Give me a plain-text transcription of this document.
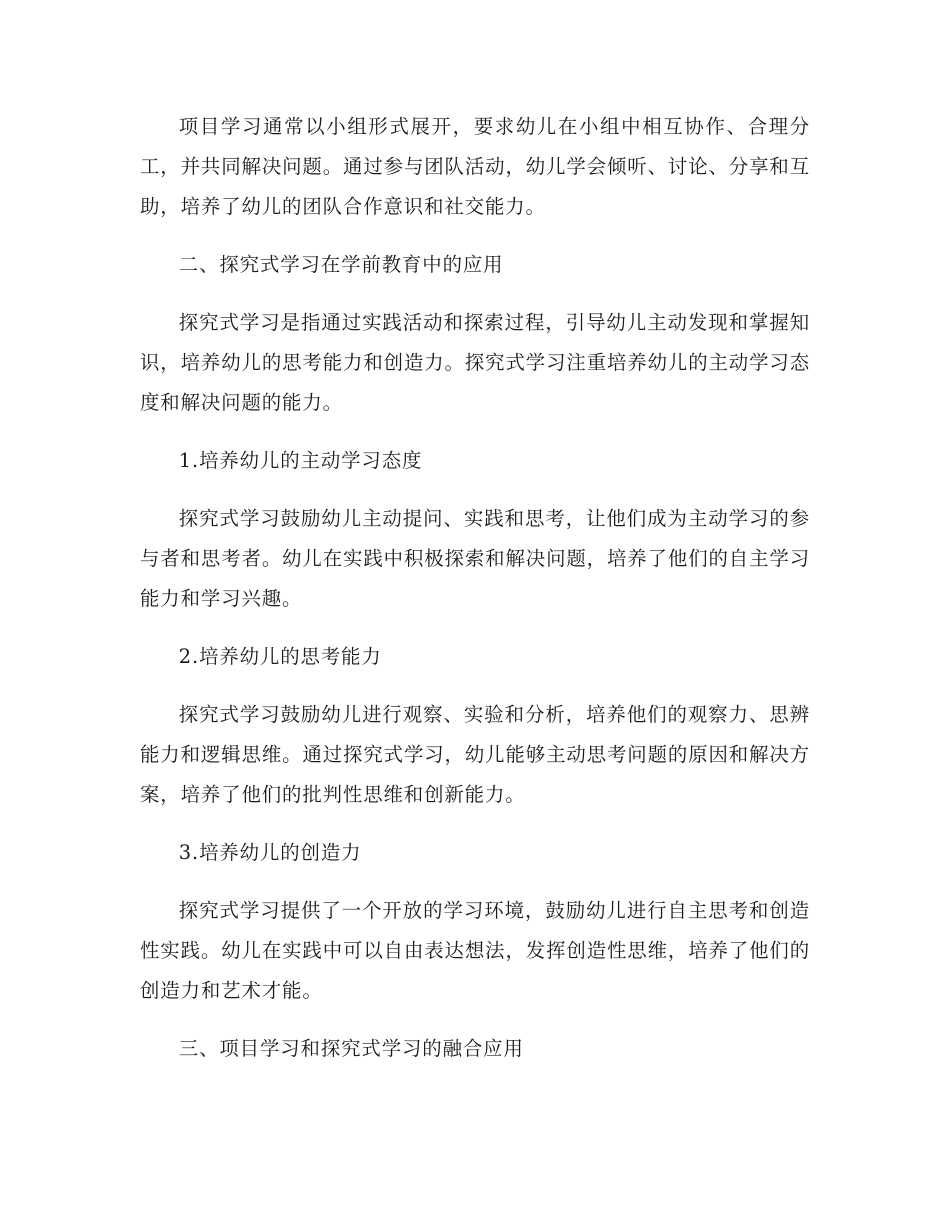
项目学习通常以小组形式展开，要求幼儿在小组中相互协作、合理分工，并共同解决问题。通过参与团队活动，幼儿学会倾听、讨论、分享和互助，培养了幼儿的团队合作意识和社交能力。

二、探究式学习在学前教育中的应用

探究式学习是指通过实践活动和探索过程，引导幼儿主动发现和掌握知识，培养幼儿的思考能力和创造力。探究式学习注重培养幼儿的主动学习态度和解决问题的能力。

1.培养幼儿的主动学习态度

探究式学习鼓励幼儿主动提问、实践和思考，让他们成为主动学习的参与者和思考者。幼儿在实践中积极探索和解决问题，培养了他们的自主学习能力和学习兴趣。

2.培养幼儿的思考能力

探究式学习鼓励幼儿进行观察、实验和分析，培养他们的观察力、思辨能力和逻辑思维。通过探究式学习，幼儿能够主动思考问题的原因和解决方案，培养了他们的批判性思维和创新能力。

3.培养幼儿的创造力

探究式学习提供了一个开放的学习环境，鼓励幼儿进行自主思考和创造性实践。幼儿在实践中可以自由表达想法，发挥创造性思维，培养了他们的创造力和艺术才能。

三、项目学习和探究式学习的融合应用
